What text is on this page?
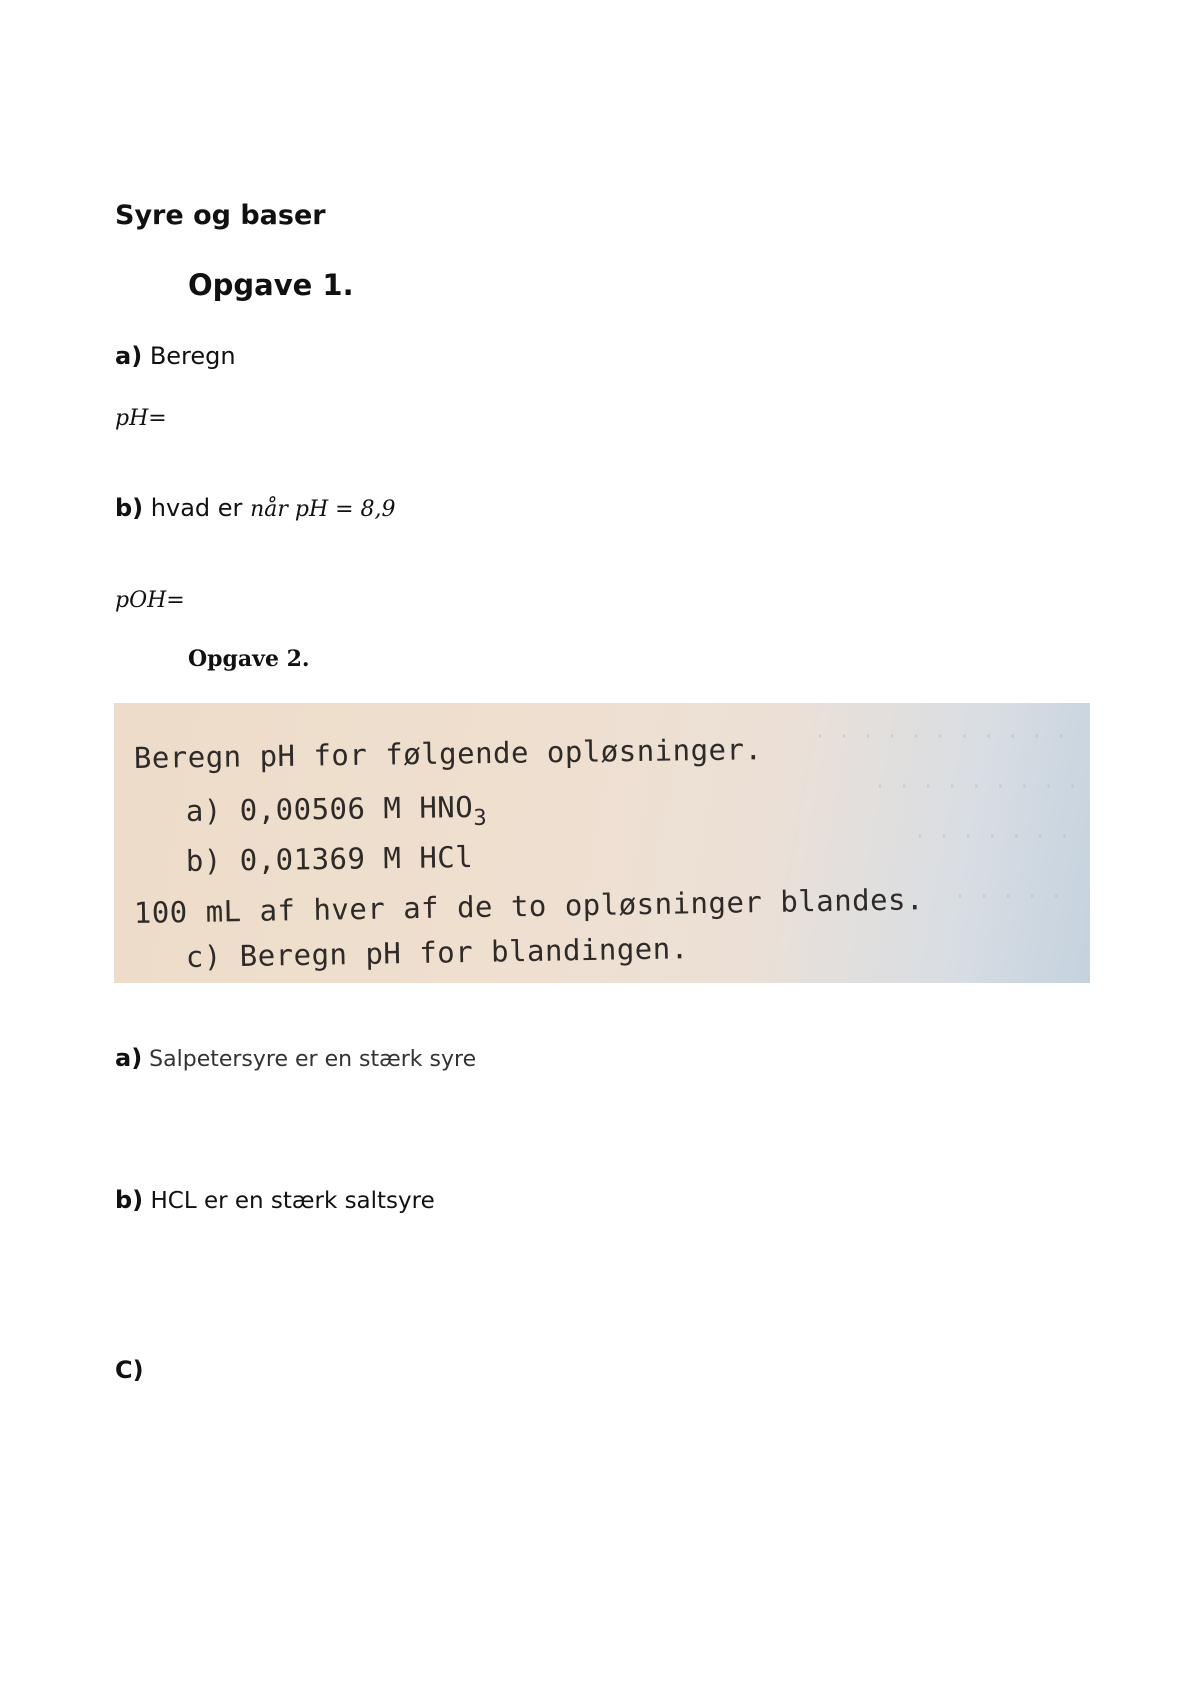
Syre og baser
Opgave 1.
a) Beregn
pH=
b) hvad er når pH = 8,9
pOH=
Opgave 2.
· · · · · · · · · · ·
· · · · · · · · ·
· · · · · · ·
· · · · ·
Beregn pH for følgende opløsninger.
a) 0,00506 M $HNO_3$
b) 0,01369 M HCl
100 mL af hver af de to opløsninger blandes.
c) Beregn pH for blandingen.
a) Salpetersyre er en stærk syre
b) HCL er en stærk saltsyre
C)
